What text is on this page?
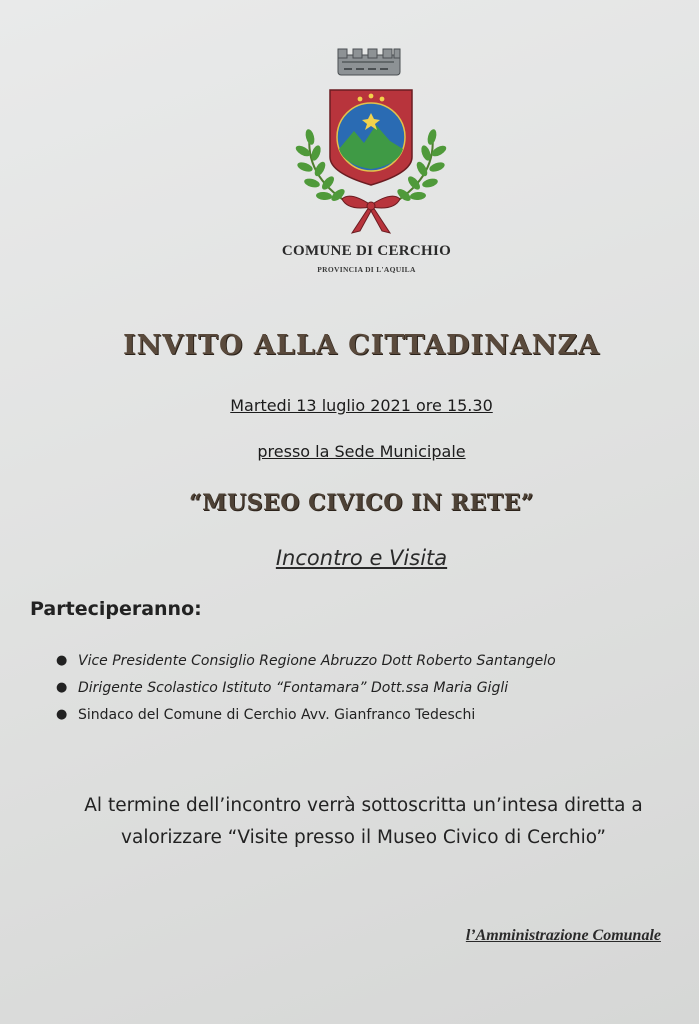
COMUNE DI CERCHIO
PROVINCIA DI L'AQUILA
INVITO ALLA CITTADINANZA
Martedi 13 luglio 2021 ore 15.30
presso la Sede Municipale
“MUSEO CIVICO IN RETE”
Incontro e Visita
Parteciperanno:
● Vice Presidente Consiglio Regione Abruzzo Dott Roberto Santangelo
● Dirigente Scolastico Istituto “Fontamara” Dott.ssa Maria Gigli
● Sindaco del Comune di Cerchio Avv. Gianfranco Tedeschi
Al termine dell’incontro verrà sottoscritta un’intesa diretta a
valorizzare “Visite presso il Museo Civico di Cerchio”
l’Amministrazione Comunale
